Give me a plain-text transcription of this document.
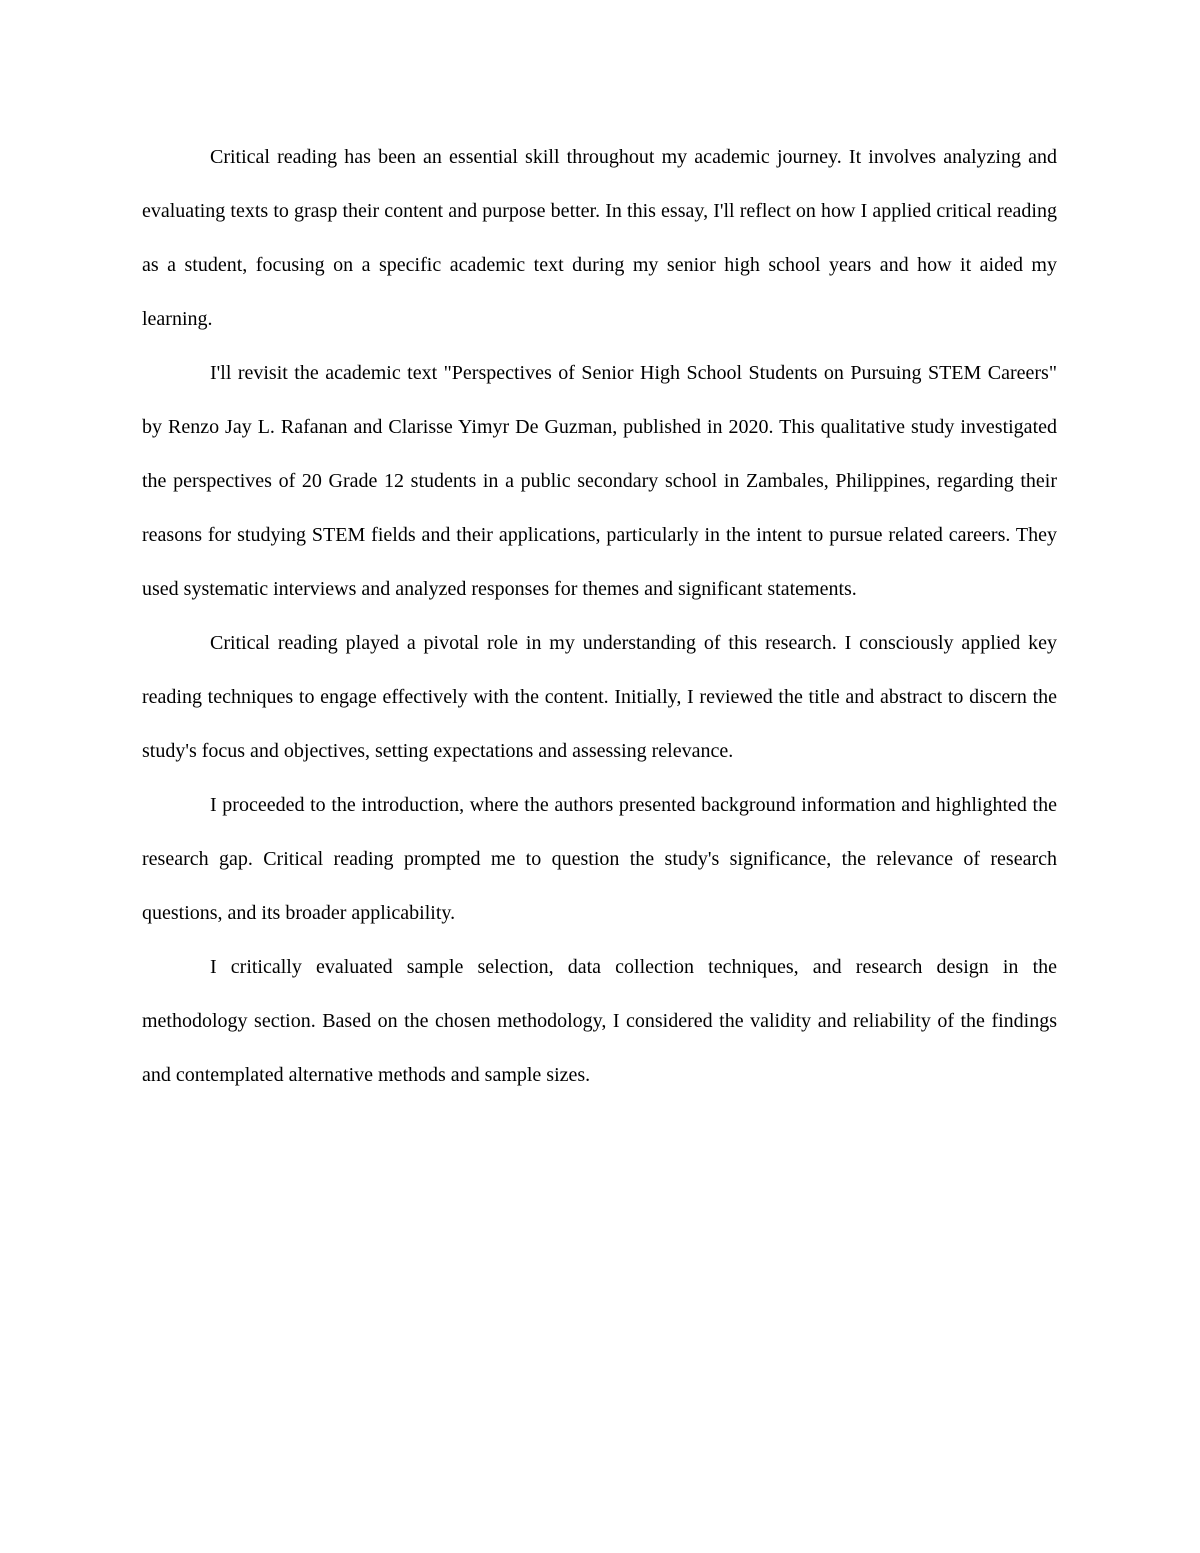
Critical reading has been an essential skill throughout my academic journey. It involves analyzing and evaluating texts to grasp their content and purpose better. In this essay, I'll reflect on how I applied critical reading as a student, focusing on a specific academic text during my senior high school years and how it aided my learning.

I'll revisit the academic text "Perspectives of Senior High School Students on Pursuing STEM Careers" by Renzo Jay L. Rafanan and Clarisse Yimyr De Guzman, published in 2020. This qualitative study investigated the perspectives of 20 Grade 12 students in a public secondary school in Zambales, Philippines, regarding their reasons for studying STEM fields and their applications, particularly in the intent to pursue related careers. They used systematic interviews and analyzed responses for themes and significant statements.

Critical reading played a pivotal role in my understanding of this research. I consciously applied key reading techniques to engage effectively with the content. Initially, I reviewed the title and abstract to discern the study's focus and objectives, setting expectations and assessing relevance.

I proceeded to the introduction, where the authors presented background information and highlighted the research gap. Critical reading prompted me to question the study's significance, the relevance of research questions, and its broader applicability.

I critically evaluated sample selection, data collection techniques, and research design in the methodology section. Based on the chosen methodology, I considered the validity and reliability of the findings and contemplated alternative methods and sample sizes.
